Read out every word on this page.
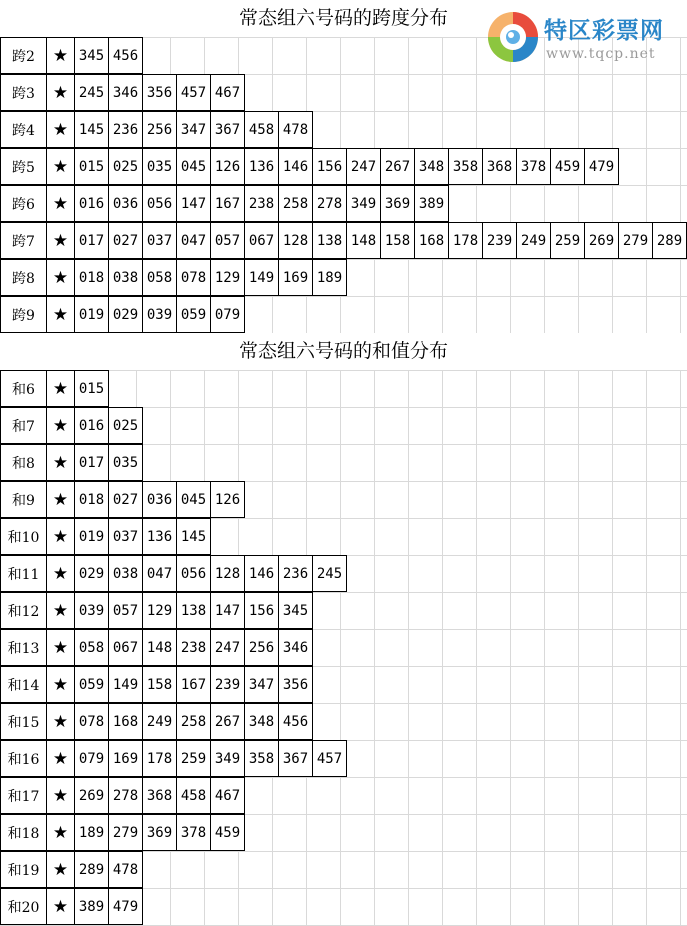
常态组六号码的跨度分布	特区彩票网
www.tqcp.net
跨2	★ 345 456
跨3	★ 245 346 356 457 467
跨4	★ 145 236 256 347 367 458 478
跨5	★ 015 025 035 045 126 136 146 156 247 267 348 358 368 378 459 479
跨6	★ 016 036 056 147 167 238 258 278 349 369 389
跨7	★ 017 027 037 047 057 067 128 138 148 158 168 178 239 249 259 269 279 289
跨8	★ 018 038 058 078 129 149 169 189
跨9	★ 019 029 039 059 079
常态组六号码的和值分布
和6	★ 015
和7	★ 016 025
和8	★ 017 035
和9	★ 018 027 036 045 126
和10 ★ 019 037 136 145
和11 ★ 029 038 047 056 128 146 236 245
和12 ★ 039 057 129 138 147 156 345
和13 ★ 058 067 148 238 247 256 346
和14 ★ 059 149 158 167 239 347 356
和15 ★ 078 168 249 258 267 348 456
和16 ★ 079 169 178 259 349 358 367 457
和17 ★ 269 278 368 458 467
和18 ★ 189 279 369 378 459
和19 ★ 289 478
和20 ★ 389 479
